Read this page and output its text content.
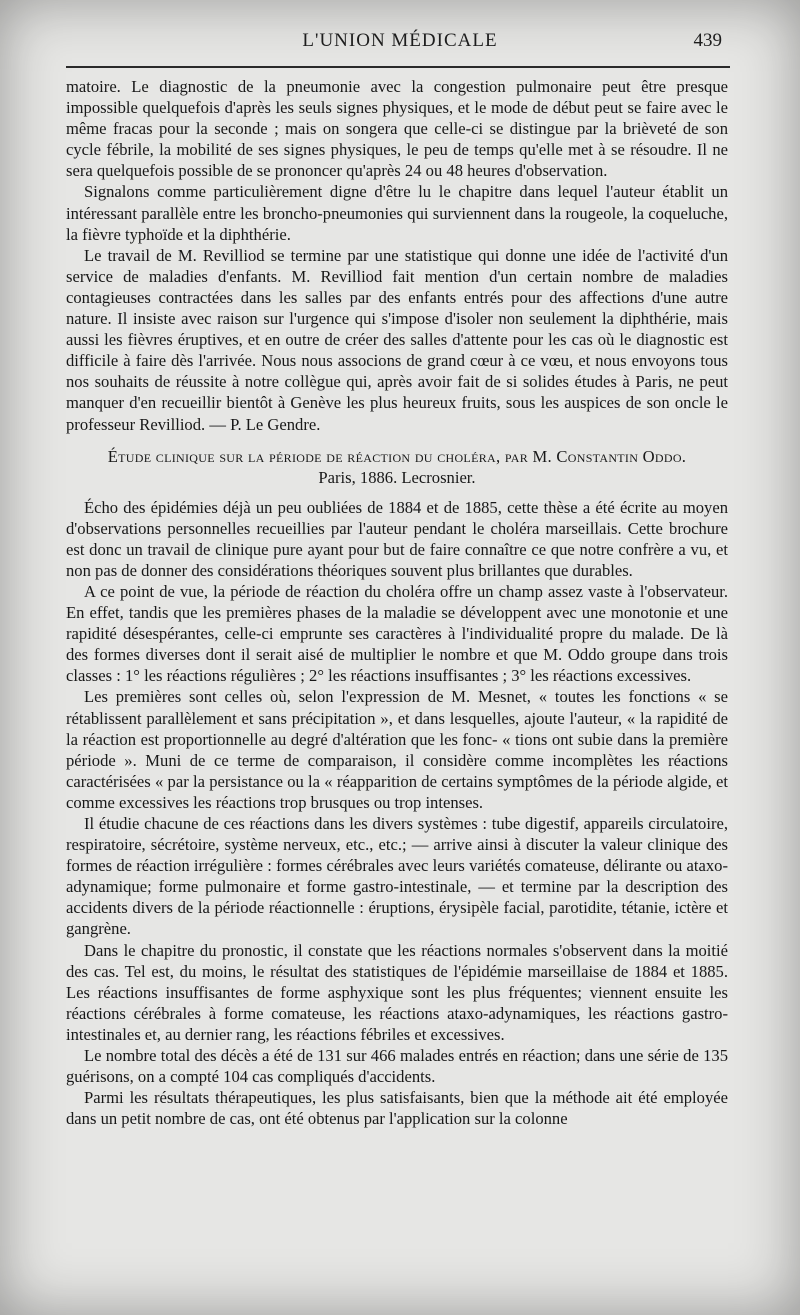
L'UNION MÉDICALE	439

matoire. Le diagnostic de la pneumonie avec la congestion pulmonaire peut être presque impossible quelquefois d'après les seuls signes physiques, et le mode de début peut se faire avec le même fracas pour la seconde ; mais on songera que celle-ci se distingue par la brièveté de son cycle fébrile, la mobilité de ses signes physiques, le peu de temps qu'elle met à se résoudre. Il ne sera quelquefois possible de se prononcer qu'après 24 ou 48 heures d'observation.

Signalons comme particulièrement digne d'être lu le chapitre dans lequel l'auteur établit un intéressant parallèle entre les broncho-pneumonies qui surviennent dans la rougeole, la coqueluche, la fièvre typhoïde et la diphthérie.

Le travail de M. Revilliod se termine par une statistique qui donne une idée de l'activité d'un service de maladies d'enfants. M. Revilliod fait mention d'un certain nombre de maladies contagieuses contractées dans les salles par des enfants entrés pour des affections d'une autre nature. Il insiste avec raison sur l'urgence qui s'impose d'isoler non seulement la diphthérie, mais aussi les fièvres éruptives, et en outre de créer des salles d'attente pour les cas où le diagnostic est difficile à faire dès l'arrivée. Nous nous associons de grand cœur à ce vœu, et nous envoyons tous nos souhaits de réussite à notre collègue qui, après avoir fait de si solides études à Paris, ne peut manquer d'en recueillir bientôt à Genève les plus heureux fruits, sous les auspices de son oncle le professeur Revilliod. — P. Le Gendre.

Étude clinique sur la période de réaction du choléra, par M. Constantin Oddo.
Paris, 1886. Lecrosnier.

Écho des épidémies déjà un peu oubliées de 1884 et de 1885, cette thèse a été écrite au moyen d'observations personnelles recueillies par l'auteur pendant le choléra marseillais. Cette brochure est donc un travail de clinique pure ayant pour but de faire connaître ce que notre confrère a vu, et non pas de donner des considérations théoriques souvent plus brillantes que durables.

A ce point de vue, la période de réaction du choléra offre un champ assez vaste à l'observateur. En effet, tandis que les premières phases de la maladie se développent avec une monotonie et une rapidité désespérantes, celle-ci emprunte ses caractères à l'individualité propre du malade. De là des formes diverses dont il serait aisé de multiplier le nombre et que M. Oddo groupe dans trois classes : 1° les réactions régulières ; 2° les réactions insuffisantes ; 3° les réactions excessives.

Les premières sont celles où, selon l'expression de M. Mesnet, « toutes les fonctions « se rétablissent parallèlement et sans précipitation », et dans lesquelles, ajoute l'auteur, « la rapidité de la réaction est proportionnelle au degré d'altération que les fonc- « tions ont subie dans la première période ». Muni de ce terme de comparaison, il considère comme incomplètes les réactions caractérisées « par la persistance ou la « réapparition de certains symptômes de la période algide, et comme excessives les réactions trop brusques ou trop intenses.

Il étudie chacune de ces réactions dans les divers systèmes : tube digestif, appareils circulatoire, respiratoire, sécrétoire, système nerveux, etc., etc.; — arrive ainsi à discuter la valeur clinique des formes de réaction irrégulière : formes cérébrales avec leurs variétés comateuse, délirante ou ataxo-adynamique; forme pulmonaire et forme gastro-intestinale, — et termine par la description des accidents divers de la période réactionnelle : éruptions, érysipèle facial, parotidite, tétanie, ictère et gangrène.

Dans le chapitre du pronostic, il constate que les réactions normales s'observent dans la moitié des cas. Tel est, du moins, le résultat des statistiques de l'épidémie marseillaise de 1884 et 1885. Les réactions insuffisantes de forme asphyxique sont les plus fréquentes; viennent ensuite les réactions cérébrales à forme comateuse, les réactions ataxo-adynamiques, les réactions gastro-intestinales et, au dernier rang, les réactions fébriles et excessives.

Le nombre total des décès a été de 131 sur 466 malades entrés en réaction; dans une série de 135 guérisons, on a compté 104 cas compliqués d'accidents.

Parmi les résultats thérapeutiques, les plus satisfaisants, bien que la méthode ait été employée dans un petit nombre de cas, ont été obtenus par l'application sur la colonne
